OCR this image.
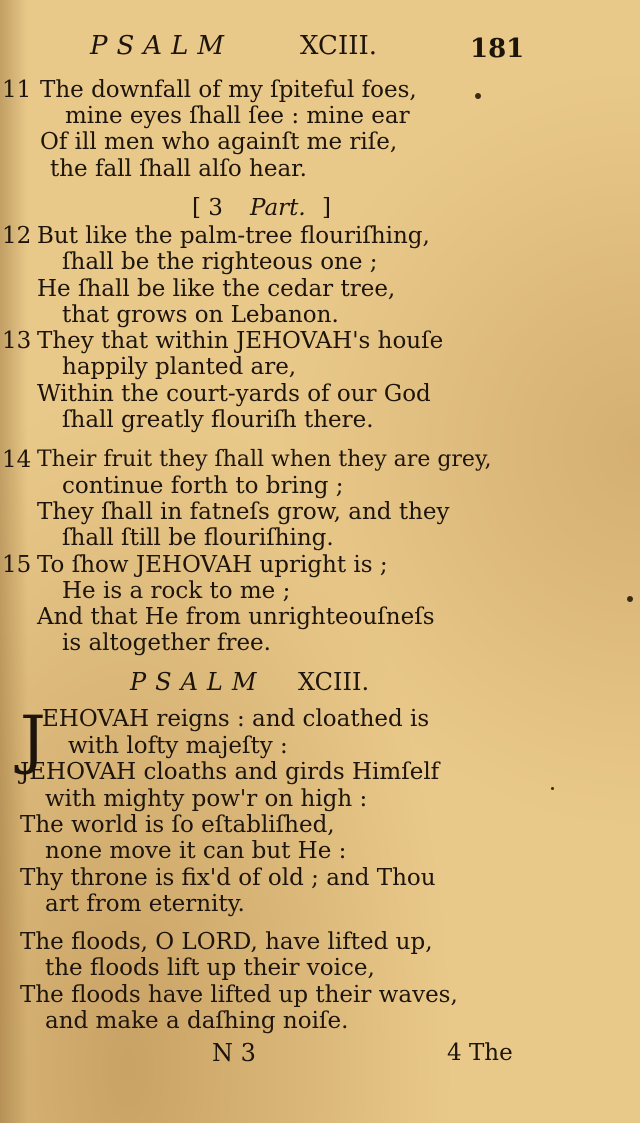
PSALM	XCIII.	181
11 The downfall of my ſpiteful foes,
mine eyes ſhall ſee : mine ear
Of ill men who againſt me riſe,
the fall ſhall alſo hear.
[ 3 Part. ]
12 But like the palm-tree flouriſhing,
ſhall be the righteous one ;
He ſhall be like the cedar tree,
that grows on Lebanon.
13 They that within JEHOVAH's houſe
happily planted are,
Within the court-yards of our God
ſhall greatly flouriſh there.
14 Their fruit they ſhall when they are grey,
continue forth to bring ;
They ſhall in fatneſs grow, and they
ſhall ſtill be flouriſhing.
15 To ſhow JEHOVAH upright is ;
He is a rock to me ;
And that He from unrighteouſneſs
is altogether free.
PSALM XCIII.
J
EHOVAH reigns : and cloathed is
with lofty majeſty :
JEHOVAH cloaths and girds Himſelf
with mighty pow'r on high :
The world is ſo eſtabliſhed,
none move it can but He :
Thy throne is fix'd of old ; and Thou
art from eternity.
The floods, O LORD, have lifted up,
the floods lift up their voice,
The floods have lifted up their waves,
and make a daſhing noiſe.
N 3	4 The
